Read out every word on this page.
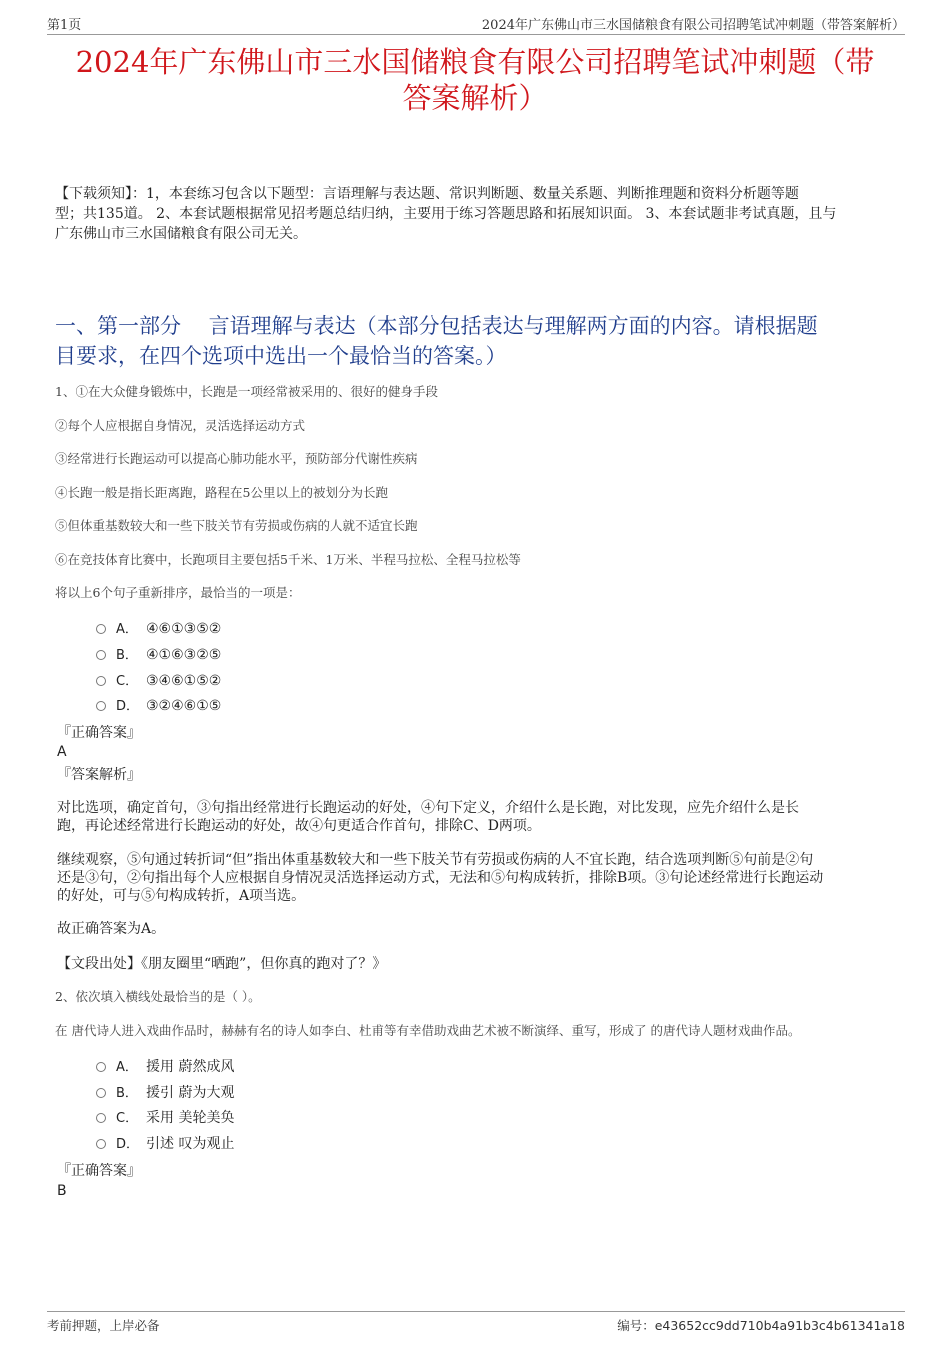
第1页	2024年广东佛山市三水国储粮食有限公司招聘笔试冲刺题（带答案解析）
2024年广东佛山市三水国储粮食有限公司招聘笔试冲刺题（带
答案解析）
【下载须知】：1，本套练习包含以下题型：言语理解与表达题、常识判断题、数量关系题、判断推理题和资料分析题等题
型；共135道。 2、本套试题根据常见招考题总结归纳，主要用于练习答题思路和拓展知识面。 3、本套试题非考试真题，且与
广东佛山市三水国储粮食有限公司无关。
一、第一部分　 言语理解与表达（本部分包括表达与理解两方面的内容。请根据题
目要求，在四个选项中选出一个最恰当的答案。）
1、①在大众健身锻炼中，长跑是一项经常被采用的、很好的健身手段
②每个人应根据自身情况，灵活选择运动方式
③经常进行长跑运动可以提高心肺功能水平，预防部分代谢性疾病
④长跑一般是指长距离跑，路程在5公里以上的被划分为长跑
⑤但体重基数较大和一些下肢关节有劳损或伤病的人就不适宜长跑
⑥在竞技体育比赛中，长跑项目主要包括5千米、1万米、半程马拉松、全程马拉松等
将以上6个句子重新排序，最恰当的一项是：
A． ④⑥①③⑤②
B． ④①⑥③②⑤
C． ③④⑥①⑤②
D． ③②④⑥①⑤
『正确答案』
A
『答案解析』
对比选项，确定首句，③句指出经常进行长跑运动的好处，④句下定义，介绍什么是长跑，对比发现，应先介绍什么是长
跑，再论述经常进行长跑运动的好处，故④句更适合作首句，排除C、D两项。
继续观察，⑤句通过转折词“但”指出体重基数较大和一些下肢关节有劳损或伤病的人不宜长跑，结合选项判断⑤句前是②句
还是③句，②句指出每个人应根据自身情况灵活选择运动方式，无法和⑤句构成转折，排除B项。③句论述经常进行长跑运动
的好处，可与⑤句构成转折，A项当选。
故正确答案为A。
【文段出处】《朋友圈里“晒跑”，但你真的跑对了？》
2、依次填入横线处最恰当的是（ ）。
在 唐代诗人进入戏曲作品时，赫赫有名的诗人如李白、杜甫等有幸借助戏曲艺术被不断演绎、重写，形成了 的唐代诗人题材戏曲作品。
A． 援用 蔚然成风
B． 援引 蔚为大观
C． 采用 美轮美奂
D． 引述 叹为观止
『正确答案』
B
考前押题，上岸必备	编号：e43652cc9dd710b4a91b3c4b61341a18
